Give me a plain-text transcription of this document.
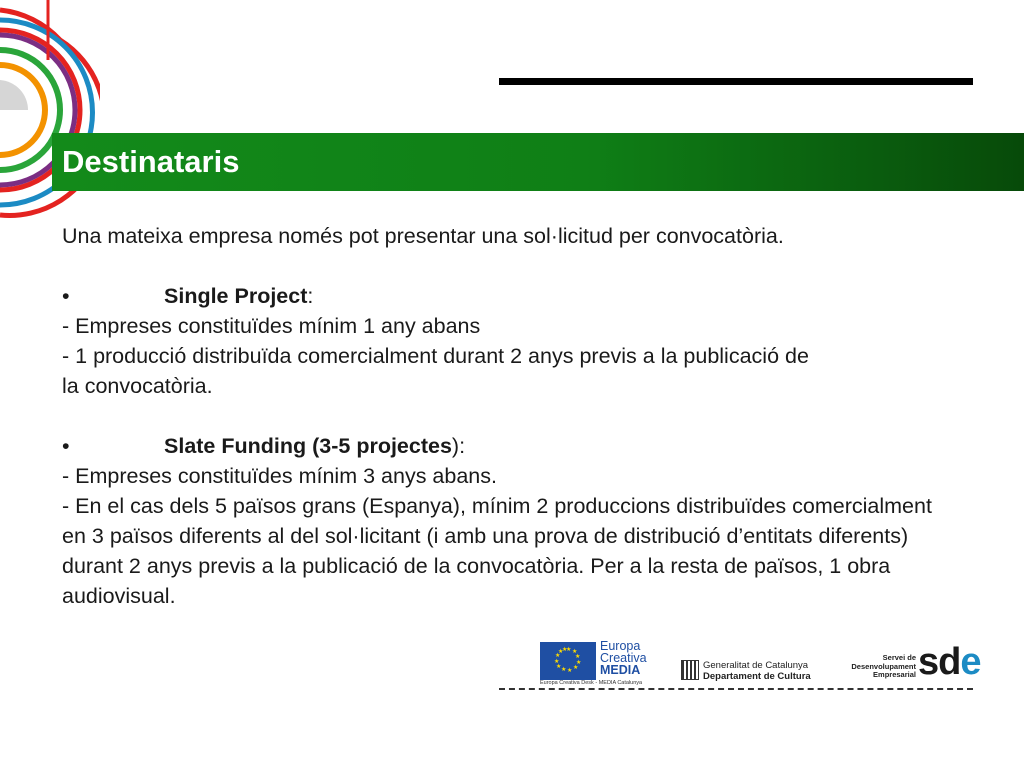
Destinataris

Una mateixa empresa només pot presentar una sol·licitud per convocatòria.

•	Single Project:

- Empreses constituïdes mínim 1 any abans

- 1 producció distribuïda comercialment durant 2 anys previs a la publicació de la convocatòria.

•	Slate Funding (3-5 projectes):

- Empreses constituïdes mínim 3 anys abans.

- En el cas dels 5 països grans (Espanya), mínim 2 produccions distribuïdes comercialment en 3 països diferents al del sol·licitant (i amb una prova de distribució d’entitats diferents) durant 2 anys previs a la publicació de la convocatòria. Per a la resta de països, 1 obra audiovisual.

★ ★
★
★
★
★
★
★
★
★
★
★	Europa
Creativa
MEDIA
Europa Creativa Desk - MEDIA Catalunya
Generalitat de Catalunya
Departament de Cultura
Servei de
Desenvolupament
Empresarial sde
